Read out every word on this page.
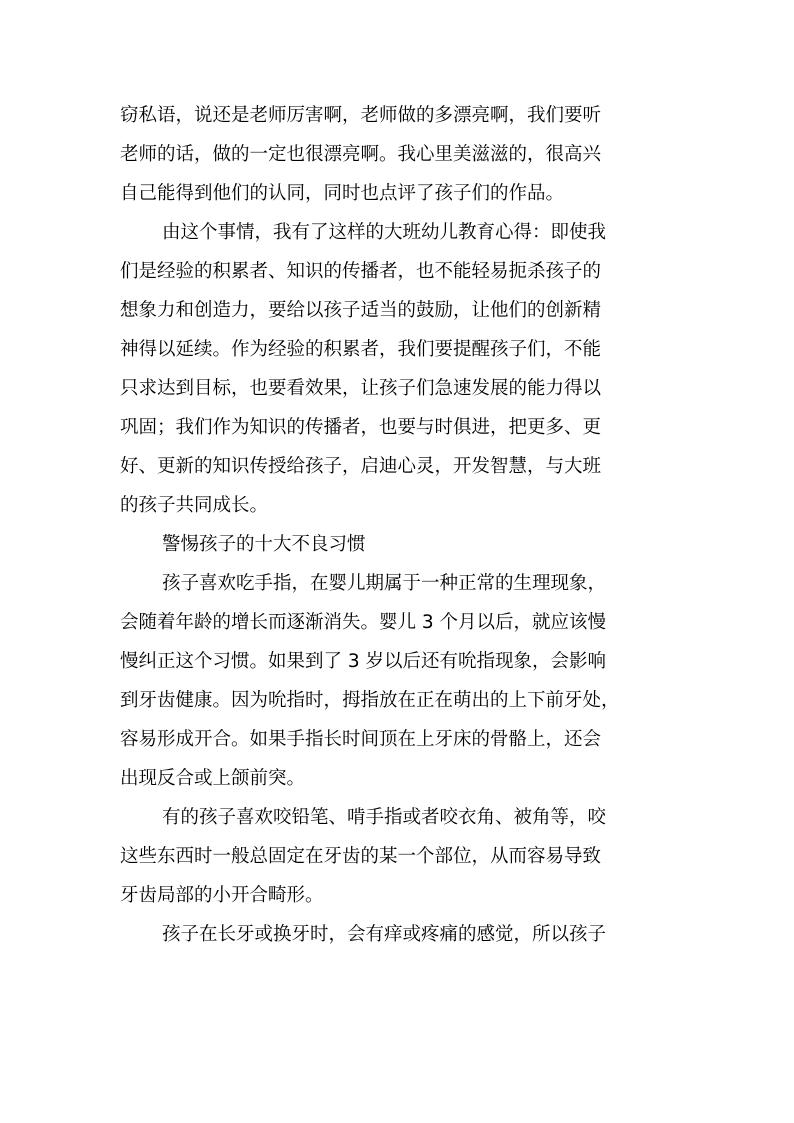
窃私语，说还是老师厉害啊，老师做的多漂亮啊，我们要听
老师的话，做的一定也很漂亮啊。我心里美滋滋的，很高兴
自己能得到他们的认同，同时也点评了孩子们的作品。
由这个事情，我有了这样的大班幼儿教育心得：即使我
们是经验的积累者、知识的传播者，也不能轻易扼杀孩子的
想象力和创造力，要给以孩子适当的鼓励，让他们的创新精
神得以延续。作为经验的积累者，我们要提醒孩子们，不能
只求达到目标，也要看效果，让孩子们急速发展的能力得以
巩固；我们作为知识的传播者，也要与时俱进，把更多、更
好、更新的知识传授给孩子，启迪心灵，开发智慧，与大班
的孩子共同成长。
警惕孩子的十大不良习惯
孩子喜欢吃手指，在婴儿期属于一种正常的生理现象，
会随着年龄的增长而逐渐消失。婴儿 3 个月以后，就应该慢
慢纠正这个习惯。如果到了 3 岁以后还有吮指现象，会影响
到牙齿健康。因为吮指时，拇指放在正在萌出的上下前牙处，
容易形成开合。如果手指长时间顶在上牙床的骨骼上，还会
出现反合或上颌前突。
有的孩子喜欢咬铅笔、啃手指或者咬衣角、被角等，咬
这些东西时一般总固定在牙齿的某一个部位，从而容易导致
牙齿局部的小开合畸形。
孩子在长牙或换牙时，会有痒或疼痛的感觉，所以孩子
